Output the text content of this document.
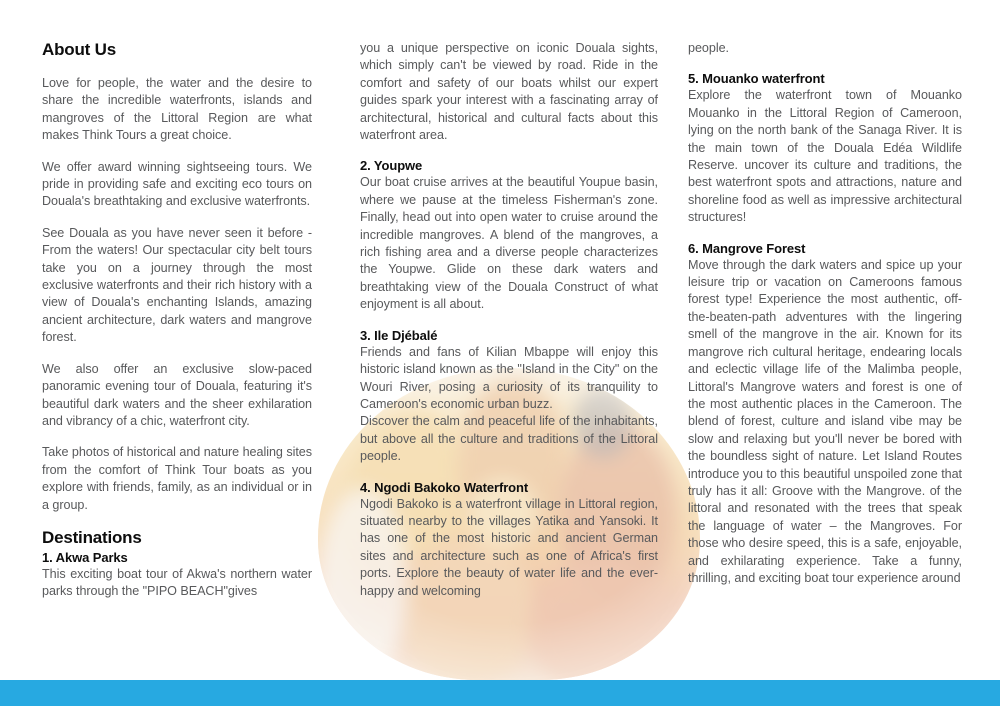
About Us

Love for people, the water and the desire to share the incredible waterfronts, islands and mangroves of the Littoral Region are what makes Think Tours a great choice.

We offer award winning sightseeing tours. We pride in providing safe and exciting eco tours on Douala's breathtaking and exclusive waterfronts.

See Douala as you have never seen it before - From the waters! Our spectacular city belt tours take you on a journey through the most exclusive waterfronts and their rich history with a view of Douala's enchanting Islands, amazing ancient architecture, dark waters and mangrove forest.

We also offer an exclusive slow-paced panoramic evening tour of Douala, featuring it's beautiful dark waters and the sheer exhilaration and vibrancy of a chic, waterfront city.

Take photos of historical and nature healing sites from the comfort of Think Tour boats as you explore with friends, family, as an individual or in a group.

Destinations
1. Akwa Parks

This exciting boat tour of Akwa's northern water parks through the "PIPO BEACH"gives

you a unique perspective on iconic Douala sights, which simply can't be viewed by road. Ride in the comfort and safety of our boats whilst our expert guides spark your interest with a fascinating array of architectural, historical and cultural facts about this waterfront area.

2. Youpwe

Our boat cruise arrives at the beautiful Youpue basin, where we pause at the timeless Fisherman's zone. Finally, head out into open water to cruise around the incredible mangroves. A blend of the mangroves, a rich fishing area and a diverse people characterizes the Youpwe. Glide on these dark waters and breathtaking view of the Douala Construct of what enjoyment is all about.

3. Ile Djébalé

Friends and fans of Kilian Mbappe will enjoy this historic island known as the "Island in the City" on the Wouri River, posing a curiosity of its tranquility to Cameroon's economic urban buzz.

Discover the calm and peaceful life of the inhabitants, but above all the culture and traditions of the Littoral people.

4. Ngodi Bakoko Waterfront

Ngodi Bakoko is a waterfront village in Littoral region, situated nearby to the villages Yatika and Yansoki. It has one of the most historic and ancient German sites and architecture such as one of Africa's first ports. Explore the beauty of water life and the ever-happy and welcoming

people.

5. Mouanko waterfront

Explore the waterfront town of Mouanko Mouanko in the Littoral Region of Cameroon, lying on the north bank of the Sanaga River. It is the main town of the Douala Edéa Wildlife Reserve. uncover its culture and traditions, the best waterfront spots and attractions, nature and shoreline food as well as impressive architectural structures!

6. Mangrove Forest

Move through the dark waters and spice up your leisure trip or vacation on Cameroons famous forest type! Experience the most authentic, off-the-beaten-path adventures with the lingering smell of the mangrove in the air. Known for its mangrove rich cultural heritage, endearing locals and eclectic village life of the Malimba people, Littoral's Mangrove waters and forest is one of the most authentic places in the Cameroon. The blend of forest, culture and island vibe may be slow and relaxing but you'll never be bored with the boundless sight of nature. Let Island Routes introduce you to this beautiful unspoiled zone that truly has it all: Groove with the Mangrove. of the littoral and resonated with the trees that speak the language of water – the Mangroves. For those who desire speed, this is a safe, enjoyable, and exhilarating experience. Take a funny, thrilling, and exciting boat tour experience around
